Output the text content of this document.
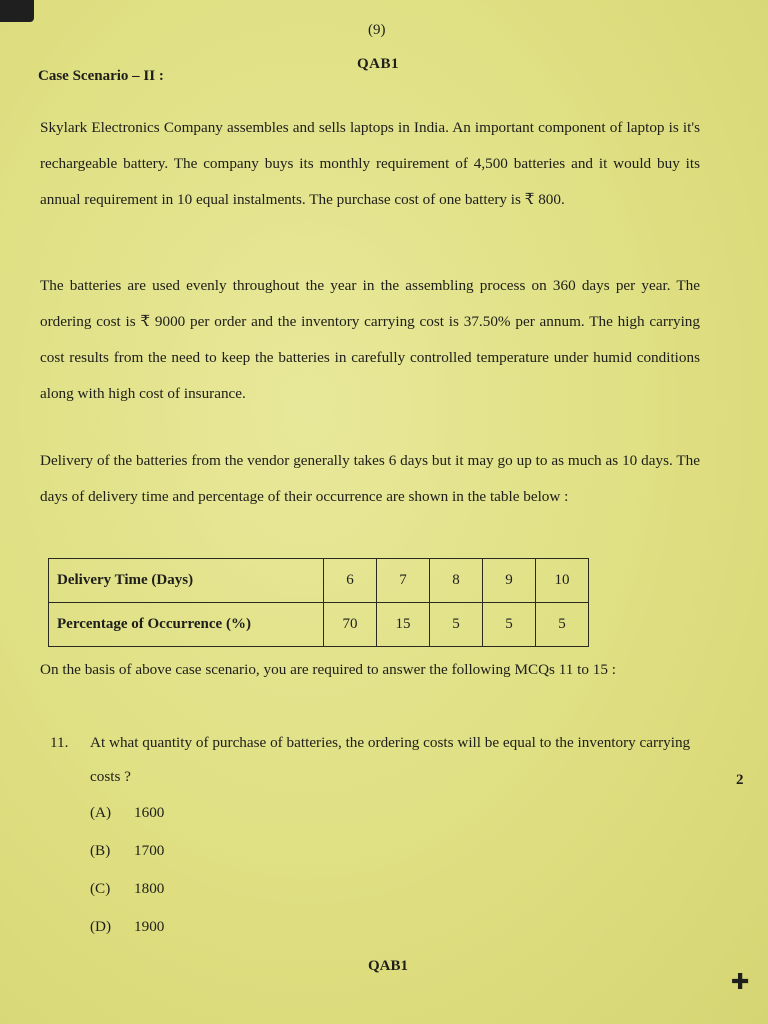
(9)
QAB1
Case Scenario – II :
Skylark Electronics Company assembles and sells laptops in India. An important component of laptop is it's rechargeable battery. The company buys its monthly requirement of 4,500 batteries and it would buy its annual requirement in 10 equal instalments. The purchase cost of one battery is ₹ 800.
The batteries are used evenly throughout the year in the assembling process on 360 days per year. The ordering cost is ₹ 9000 per order and the inventory carrying cost is 37.50% per annum. The high carrying cost results from the need to keep the batteries in carefully controlled temperature under humid conditions along with high cost of insurance.
Delivery of the batteries from the vendor generally takes 6 days but it may go up to as much as 10 days. The days of delivery time and percentage of their occurrence are shown in the table below :
Delivery Time (Days)	6	7	8	9	10
Percentage of Occurrence (%)	70	15	5	5	5
On the basis of above case scenario, you are required to answer the following MCQs 11 to 15 :
11. At what quantity of purchase of batteries, the ordering costs will be equal to the inventory carrying costs ?	2
(A) 1600
(B) 1700
(C) 1800
(D) 1900
QAB1
✚
